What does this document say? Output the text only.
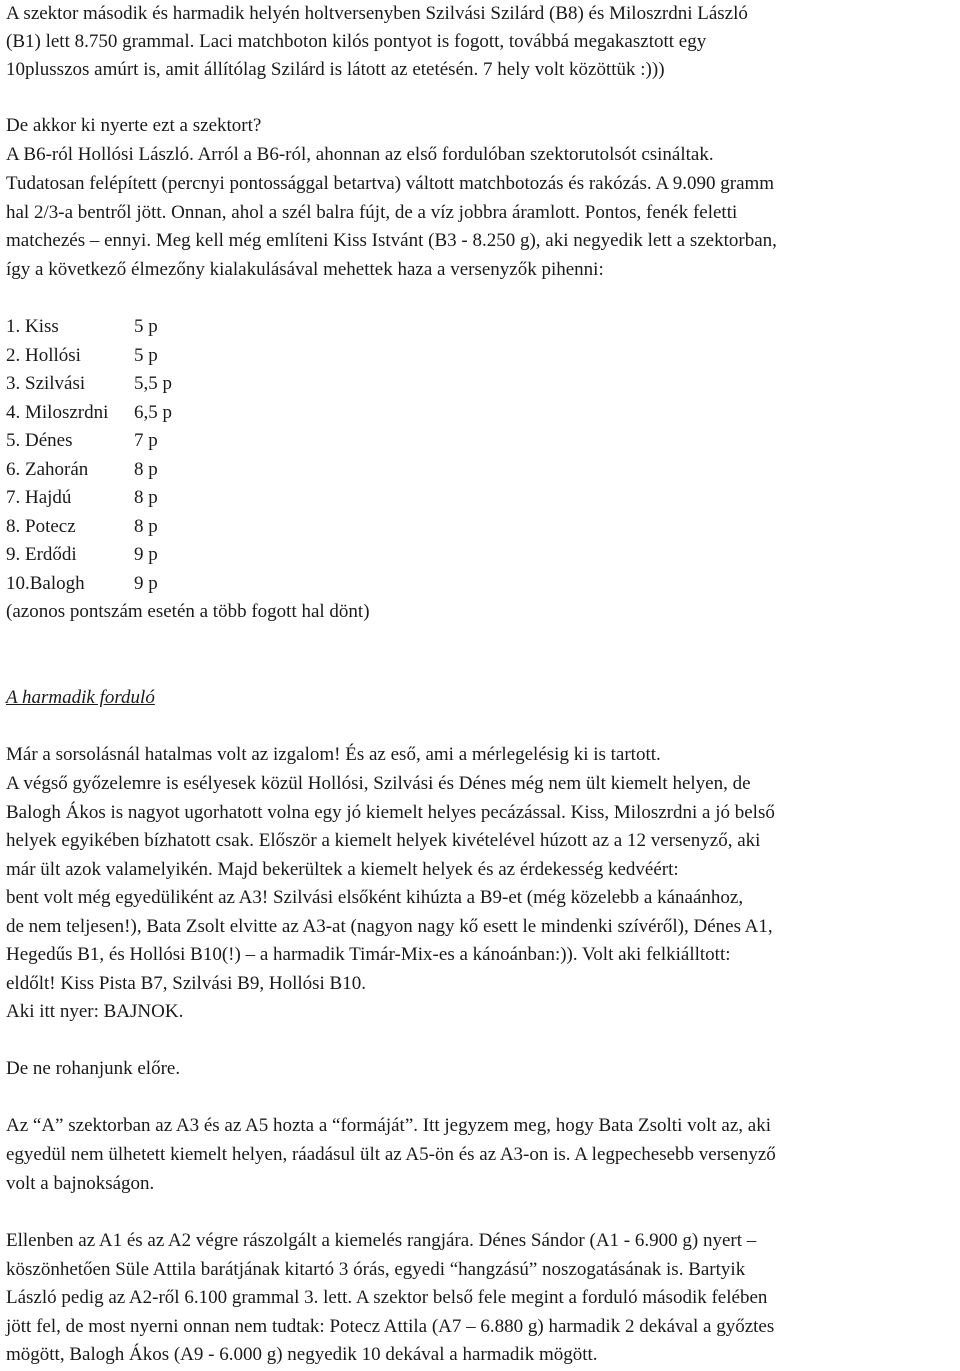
A szektor második és harmadik helyén holtversenyben Szilvási Szilárd (B8) és Miloszrdni László
(B1) lett 8.750 grammal. Laci matchboton kilós pontyot is fogott, továbbá megakasztott egy
10plusszos amúrt is, amit állítólag Szilárd is látott az etetésén. 7 hely volt közöttük :)))
De akkor ki nyerte ezt a szektort?
A B6-ról Hollósi László. Arról a B6-ról, ahonnan az első fordulóban szektorutolsót csináltak.
Tudatosan felépített (percnyi pontossággal betartva) váltott matchbotozás és rakózás. A 9.090 gramm
hal 2/3-a bentről jött. Onnan, ahol a szél balra fújt, de a víz jobbra áramlott. Pontos, fenék feletti
matchezés – ennyi. Meg kell még említeni Kiss Istvánt (B3 - 8.250 g), aki negyedik lett a szektorban,
így a következő élmezőny kialakulásával mehettek haza a versenyzők pihenni:
1. Kiss	5 p
2. Hollósi	5 p
3. Szilvási	5,5 p
4. Miloszrdni 6,5 p
5. Dénes	7 p
6. Zahorán 8 p
7. Hajdú	8 p
8. Potecz	8 p
9. Erdődi	9 p
10.Balogh	9 p
(azonos pontszám esetén a több fogott hal dönt)
A harmadik forduló
Már a sorsolásnál hatalmas volt az izgalom! És az eső, ami a mérlegelésig ki is tartott.
A végső győzelemre is esélyesek közül Hollósi, Szilvási és Dénes még nem ült kiemelt helyen, de
Balogh Ákos is nagyot ugorhatott volna egy jó kiemelt helyes pecázással. Kiss, Miloszrdni a jó belső
helyek egyikében bízhatott csak. Először a kiemelt helyek kivételével húzott az a 12 versenyző, aki
már ült azok valamelyikén. Majd bekerültek a kiemelt helyek és az érdekesség kedvéért:
bent volt még egyedüliként az A3! Szilvási elsőként kihúzta a B9-et (még közelebb a kánaánhoz,
de nem teljesen!), Bata Zsolt elvitte az A3-at (nagyon nagy kő esett le mindenki szívéről), Dénes A1,
Hegedűs B1, és Hollósi B10(!) – a harmadik Timár-Mix-es a kánoánban:)). Volt aki felkiálltott:
eldőlt! Kiss Pista B7, Szilvási B9, Hollósi B10.
Aki itt nyer: BAJNOK.
De ne rohanjunk előre.
Az “A” szektorban az A3 és az A5 hozta a “formáját”. Itt jegyzem meg, hogy Bata Zsolti volt az, aki
egyedül nem ülhetett kiemelt helyen, ráadásul ült az A5-ön és az A3-on is. A legpechesebb versenyző
volt a bajnokságon.
Ellenben az A1 és az A2 végre rászolgált a kiemelés rangjára. Dénes Sándor (A1 - 6.900 g) nyert –
köszönhetően Süle Attila barátjának kitartó 3 órás, egyedi “hangzású” noszogatásának is. Bartyik
László pedig az A2-ről 6.100 grammal 3. lett. A szektor belső fele megint a forduló második felében
jött fel, de most nyerni onnan nem tudtak: Potecz Attila (A7 – 6.880 g) harmadik 2 dekával a győztes
mögött, Balogh Ákos (A9 - 6.000 g) negyedik 10 dekával a harmadik mögött.
